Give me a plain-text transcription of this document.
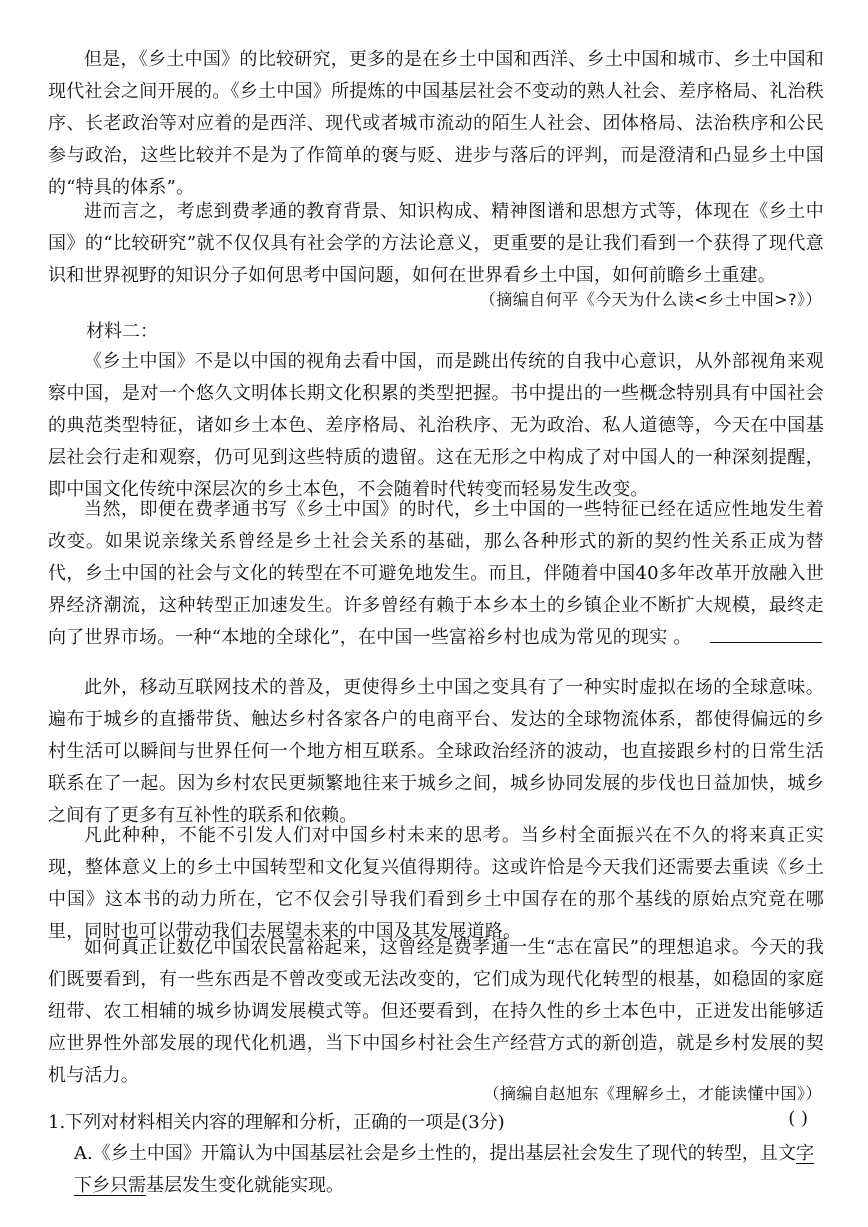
但是，《乡土中国》的比较研究，更多的是在乡土中国和西洋、乡土中国和城市、乡土中国和现代社会之间开展的。《乡土中国》所提炼的中国基层社会不变动的熟人社会、差序格局、礼治秩序、长老政治等对应着的是西洋、现代或者城市流动的陌生人社会、团体格局、法治秩序和公民参与政治，这些比较并不是为了作简单的褒与贬、进步与落后的评判，而是澄清和凸显乡土中国的“特具的体系”。

进而言之，考虑到费孝通的教育背景、知识构成、精神图谱和思想方式等，体现在《乡土中国》的“比较研究”就不仅仅具有社会学的方法论意义，更重要的是让我们看到一个获得了现代意识和世界视野的知识分子如何思考中国问题，如何在世界看乡土中国，如何前瞻乡土重建。

（摘编自何平《今天为什么读<乡土中国>?》）
材料二：

《乡土中国》不是以中国的视角去看中国，而是跳出传统的自我中心意识，从外部视角来观察中国，是对一个悠久文明体长期文化积累的类型把握。书中提出的一些概念特别具有中国社会的典范类型特征，诸如乡土本色、差序格局、礼治秩序、无为政治、私人道德等，今天在中国基层社会行走和观察，仍可见到这些特质的遗留。这在无形之中构成了对中国人的一种深刻提醒，即中国文化传统中深层次的乡土本色，不会随着时代转变而轻易发生改变。

当然，即便在费孝通书写《乡土中国》的时代，乡土中国的一些特征已经在适应性地发生着改变。如果说亲缘关系曾经是乡土社会关系的基础，那么各种形式的新的契约性关系正成为替代，乡土中国的社会与文化的转型在不可避免地发生。而且，伴随着中国40多年改革开放融入世界经济潮流，这种转型正加速发生。许多曾经有赖于本乡本土的乡镇企业不断扩大规模，最终走向了世界市场。一种“本地的全球化”，在中国一些富裕乡村也成为常见的现实 。

此外，移动互联网技术的普及，更使得乡土中国之变具有了一种实时虚拟在场的全球意味。遍布于城乡的直播带货、触达乡村各家各户的电商平台、发达的全球物流体系，都使得偏远的乡村生活可以瞬间与世界任何一个地方相互联系。全球政治经济的波动，也直接跟乡村的日常生活联系在了一起。因为乡村农民更频繁地往来于城乡之间，城乡协同发展的步伐也日益加快，城乡之间有了更多有互补性的联系和依赖。

凡此种种，不能不引发人们对中国乡村未来的思考。当乡村全面振兴在不久的将来真正实现，整体意义上的乡土中国转型和文化复兴值得期待。这或许恰是今天我们还需要去重读《乡土中国》这本书的动力所在，它不仅会引导我们看到乡土中国存在的那个基线的原始点究竟在哪里，同时也可以带动我们去展望未来的中国及其发展道路。

如何真正让数亿中国农民富裕起来，这曾经是费孝通一生“志在富民”的理想追求。今天的我们既要看到，有一些东西是不曾改变或无法改变的，它们成为现代化转型的根基，如稳固的家庭纽带、农工相辅的城乡协调发展模式等。但还要看到，在持久性的乡土本色中，正迸发出能够适应世界性外部发展的现代化机遇，当下中国乡村社会生产经营方式的新创造，就是乡村发展的契机与活力。

（摘编自赵旭东《理解乡土，才能读懂中国》）
1.下列对材料相关内容的理解和分析，正确的一项是(3分)	( )
A.《乡土中国》开篇认为中国基层社会是乡土性的，提出基层社会发生了现代的转型，且文字下乡只需基层发生变化就能实现。
